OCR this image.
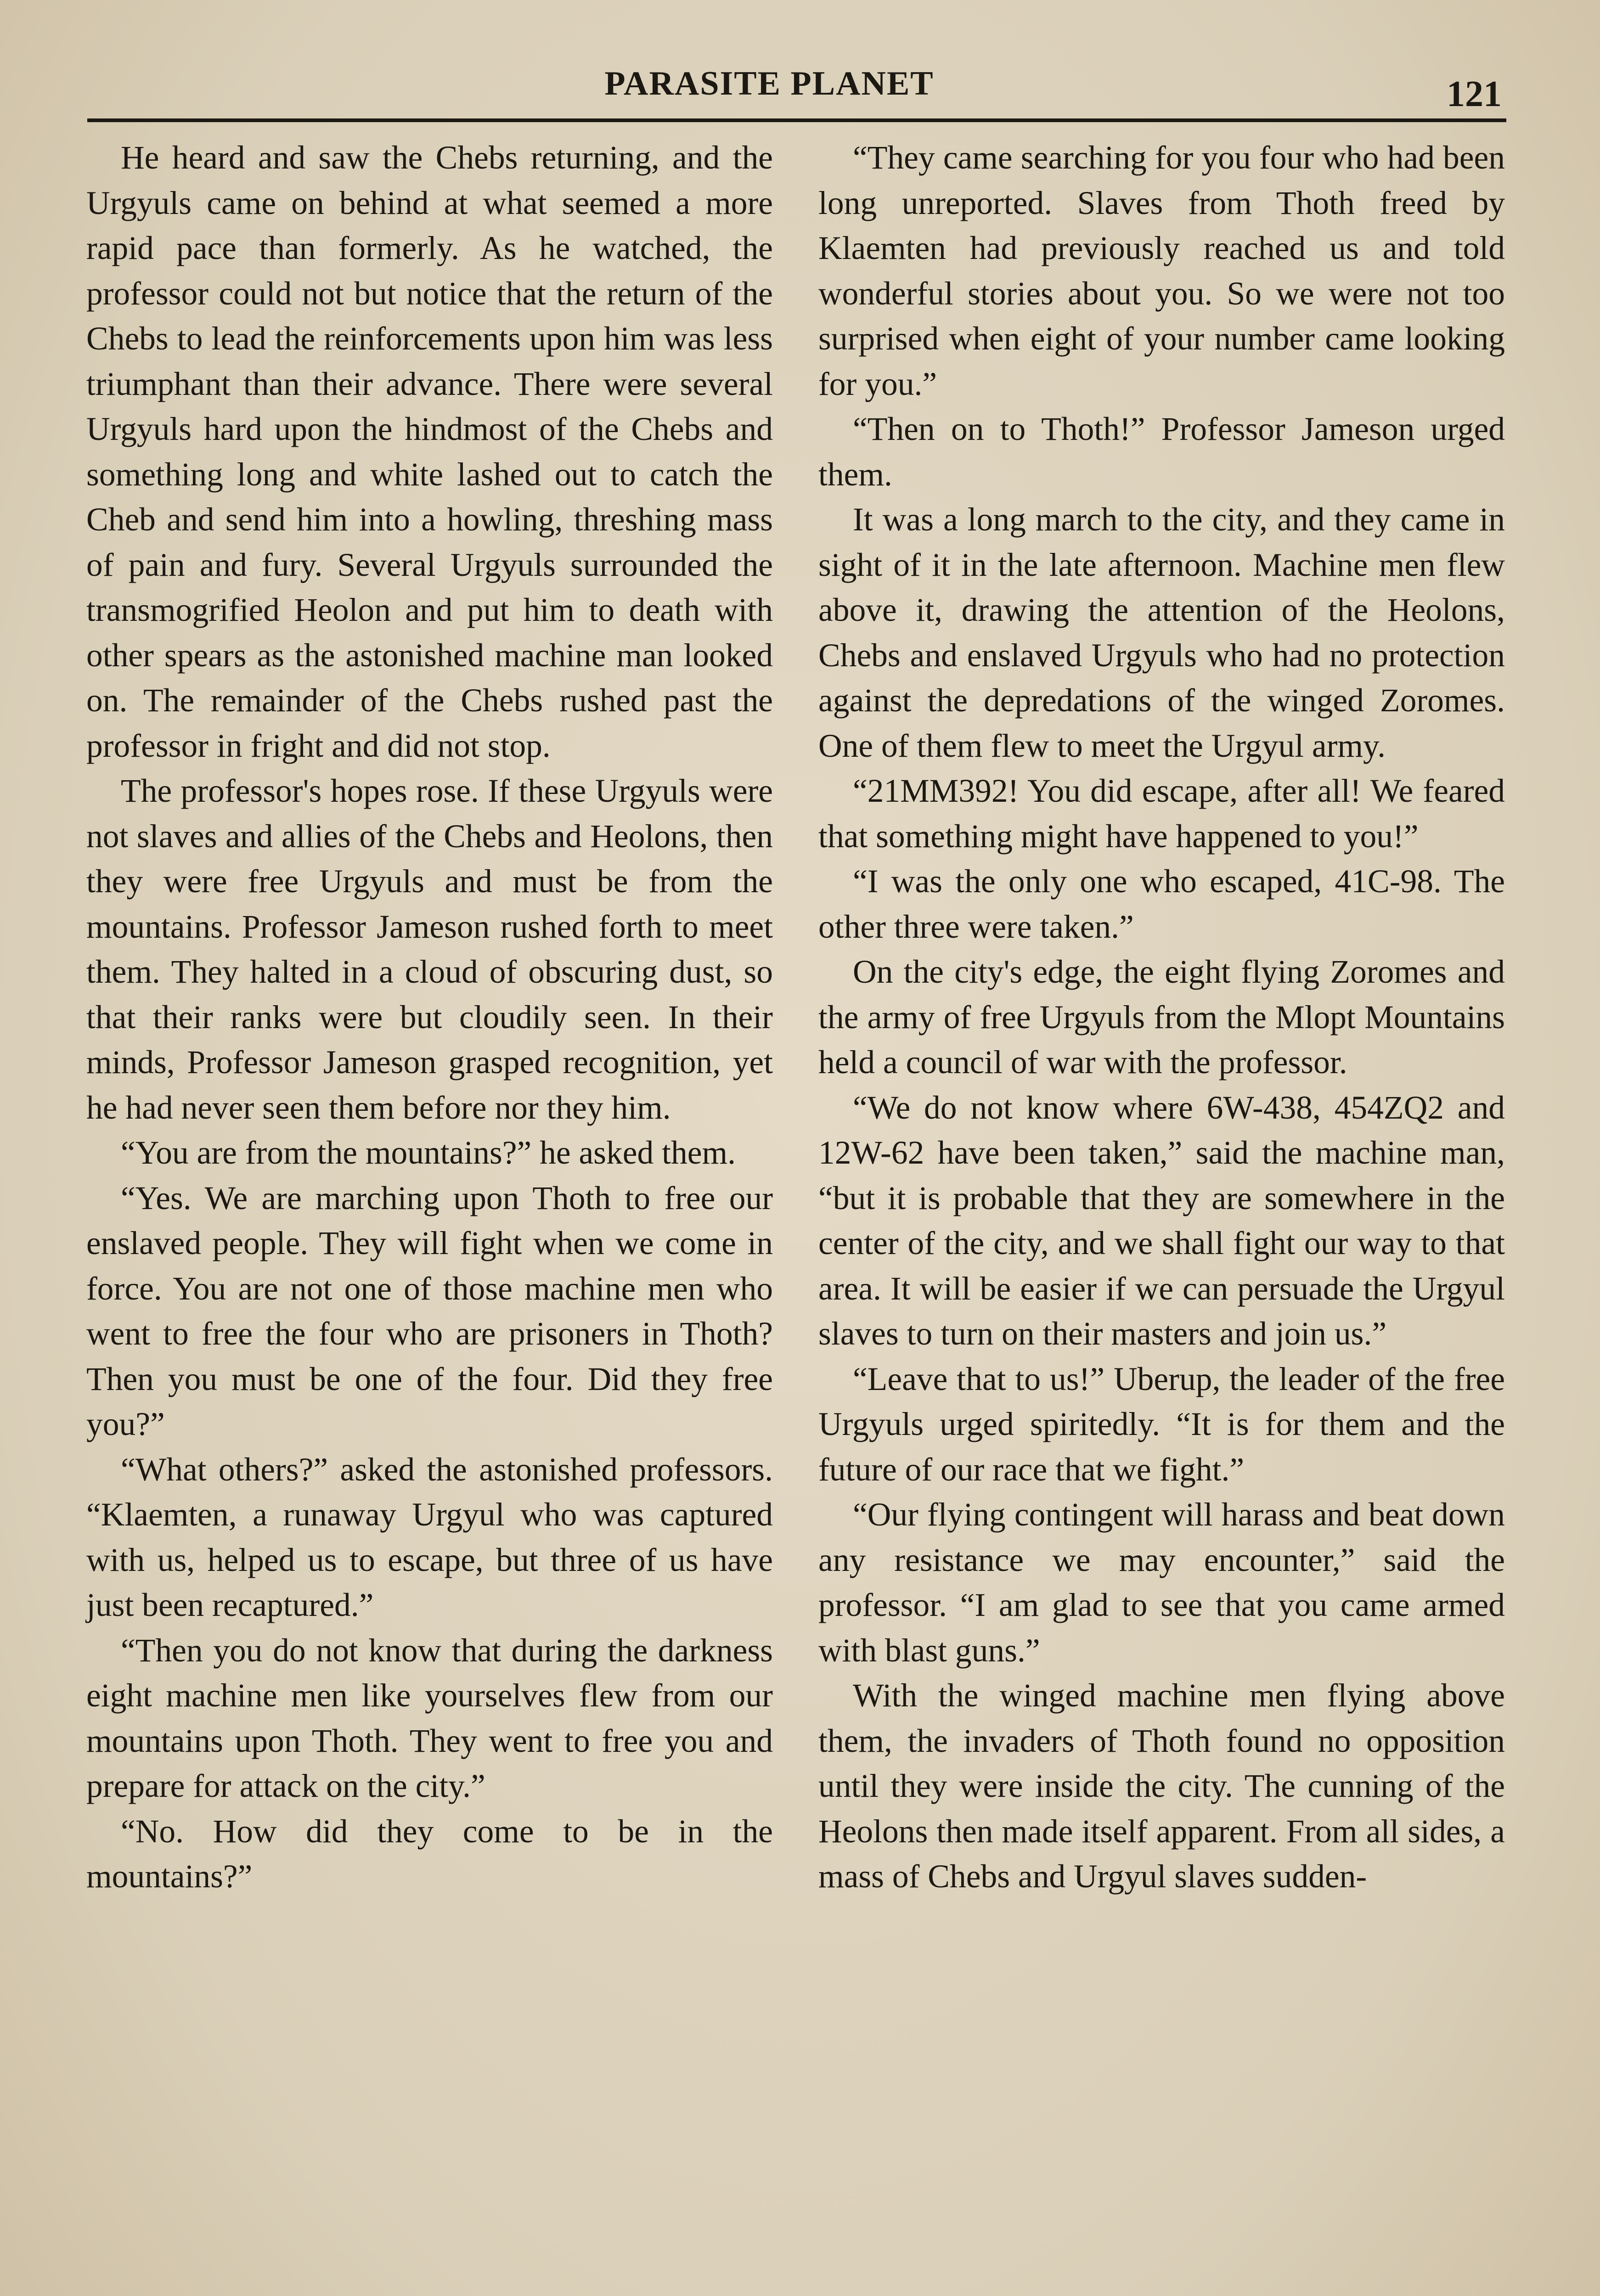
PARASITE PLANET	121

He heard and saw the Chebs returning, and the Urgyuls came on behind at what seemed a more rapid pace than formerly. As he watched, the professor could not but notice that the return of the Chebs to lead the reinforcements upon him was less triumphant than their advance. There were several Urgyuls hard upon the hindmost of the Chebs and something long and white lashed out to catch the Cheb and send him into a howling, threshing mass of pain and fury. Several Urgyuls surrounded the transmogrified Heolon and put him to death with other spears as the astonished machine man looked on. The remainder of the Chebs rushed past the professor in fright and did not stop.

The professor's hopes rose. If these Urgyuls were not slaves and allies of the Chebs and Heolons, then they were free Urgyuls and must be from the mountains. Professor Jameson rushed forth to meet them. They halted in a cloud of obscuring dust, so that their ranks were but cloudily seen. In their minds, Professor Jameson grasped recognition, yet he had never seen them before nor they him.

“You are from the mountains?” he asked them.

“Yes. We are marching upon Thoth to free our enslaved people. They will fight when we come in force. You are not one of those machine men who went to free the four who are prisoners in Thoth? Then you must be one of the four. Did they free you?”

“What others?” asked the astonished professors. “Klaemten, a runaway Urgyul who was captured with us, helped us to escape, but three of us have just been recaptured.”

“Then you do not know that during the darkness eight machine men like yourselves flew from our mountains upon Thoth. They went to free you and prepare for attack on the city.”

“No. How did they come to be in the mountains?”

“They came searching for you four who had been long unreported. Slaves from Thoth freed by Klaemten had previously reached us and told wonderful stories about you. So we were not too surprised when eight of your number came looking for you.”

“Then on to Thoth!” Professor Jameson urged them.

It was a long march to the city, and they came in sight of it in the late afternoon. Machine men flew above it, drawing the attention of the Heolons, Chebs and enslaved Urgyuls who had no protection against the depredations of the winged Zoromes. One of them flew to meet the Urgyul army.

“21MM392! You did escape, after all! We feared that something might have happened to you!”

“I was the only one who escaped, 41C-98. The other three were taken.”

On the city's edge, the eight flying Zoromes and the army of free Urgyuls from the Mlopt Mountains held a council of war with the professor.

“We do not know where 6W-438, 454ZQ2 and 12W-62 have been taken,” said the machine man, “but it is probable that they are somewhere in the center of the city, and we shall fight our way to that area. It will be easier if we can persuade the Urgyul slaves to turn on their masters and join us.”

“Leave that to us!” Uberup, the leader of the free Urgyuls urged spiritedly. “It is for them and the future of our race that we fight.”

“Our flying contingent will harass and beat down any resistance we may encounter,” said the professor. “I am glad to see that you came armed with blast guns.”

With the winged machine men flying above them, the invaders of Thoth found no opposition until they were inside the city. The cunning of the Heolons then made itself apparent. From all sides, a mass of Chebs and Urgyul slaves sudden-
